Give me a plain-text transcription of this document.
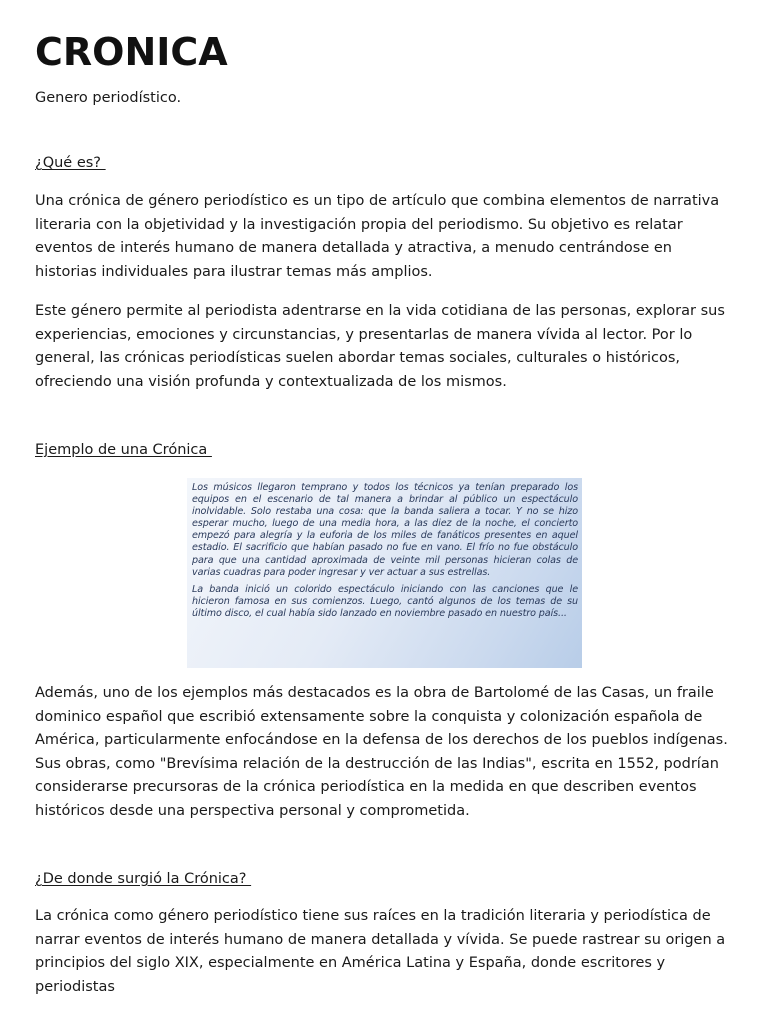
CRONICA

Genero periodístico.

¿Qué es?

Una crónica de género periodístico es un tipo de artículo que combina elementos de narrativa literaria con la objetividad y la investigación propia del periodismo. Su objetivo es relatar eventos de interés humano de manera detallada y atractiva, a menudo centrándose en historias individuales para ilustrar temas más amplios.

Este género permite al periodista adentrarse en la vida cotidiana de las personas, explorar sus experiencias, emociones y circunstancias, y presentarlas de manera vívida al lector. Por lo general, las crónicas periodísticas suelen abordar temas sociales, culturales o históricos, ofreciendo una visión profunda y contextualizada de los mismos.

Ejemplo de una Crónica

Los músicos llegaron temprano y todos los técnicos ya tenían preparado los equipos en el escenario de tal manera a brindar al público un espectáculo inolvidable. Solo restaba una cosa: que la banda saliera a tocar. Y no se hizo esperar mucho, luego de una media hora, a las diez de la noche, el concierto empezó para alegría y la euforia de los miles de fanáticos presentes en aquel estadio. El sacrificio que habían pasado no fue en vano. El frío no fue obstáculo para que una cantidad aproximada de veinte mil personas hicieran colas de varias cuadras para poder ingresar y ver actuar a sus estrellas.

La banda inició un colorido espectáculo iniciando con las canciones que le hicieron famosa en sus comienzos. Luego, cantó algunos de los temas de su último disco, el cual había sido lanzado en noviembre pasado en nuestro país...

Además, uno de los ejemplos más destacados es la obra de Bartolomé de las Casas, un fraile dominico español que escribió extensamente sobre la conquista y colonización española de América, particularmente enfocándose en la defensa de los derechos de los pueblos indígenas. Sus obras, como "Brevísima relación de la destrucción de las Indias", escrita en 1552, podrían considerarse precursoras de la crónica periodística en la medida en que describen eventos históricos desde una perspectiva personal y comprometida.

¿De donde surgió la Crónica?

La crónica como género periodístico tiene sus raíces en la tradición literaria y periodística de narrar eventos de interés humano de manera detallada y vívida. Se puede rastrear su origen a principios del siglo XIX, especialmente en América Latina y España, donde escritores y periodistas
